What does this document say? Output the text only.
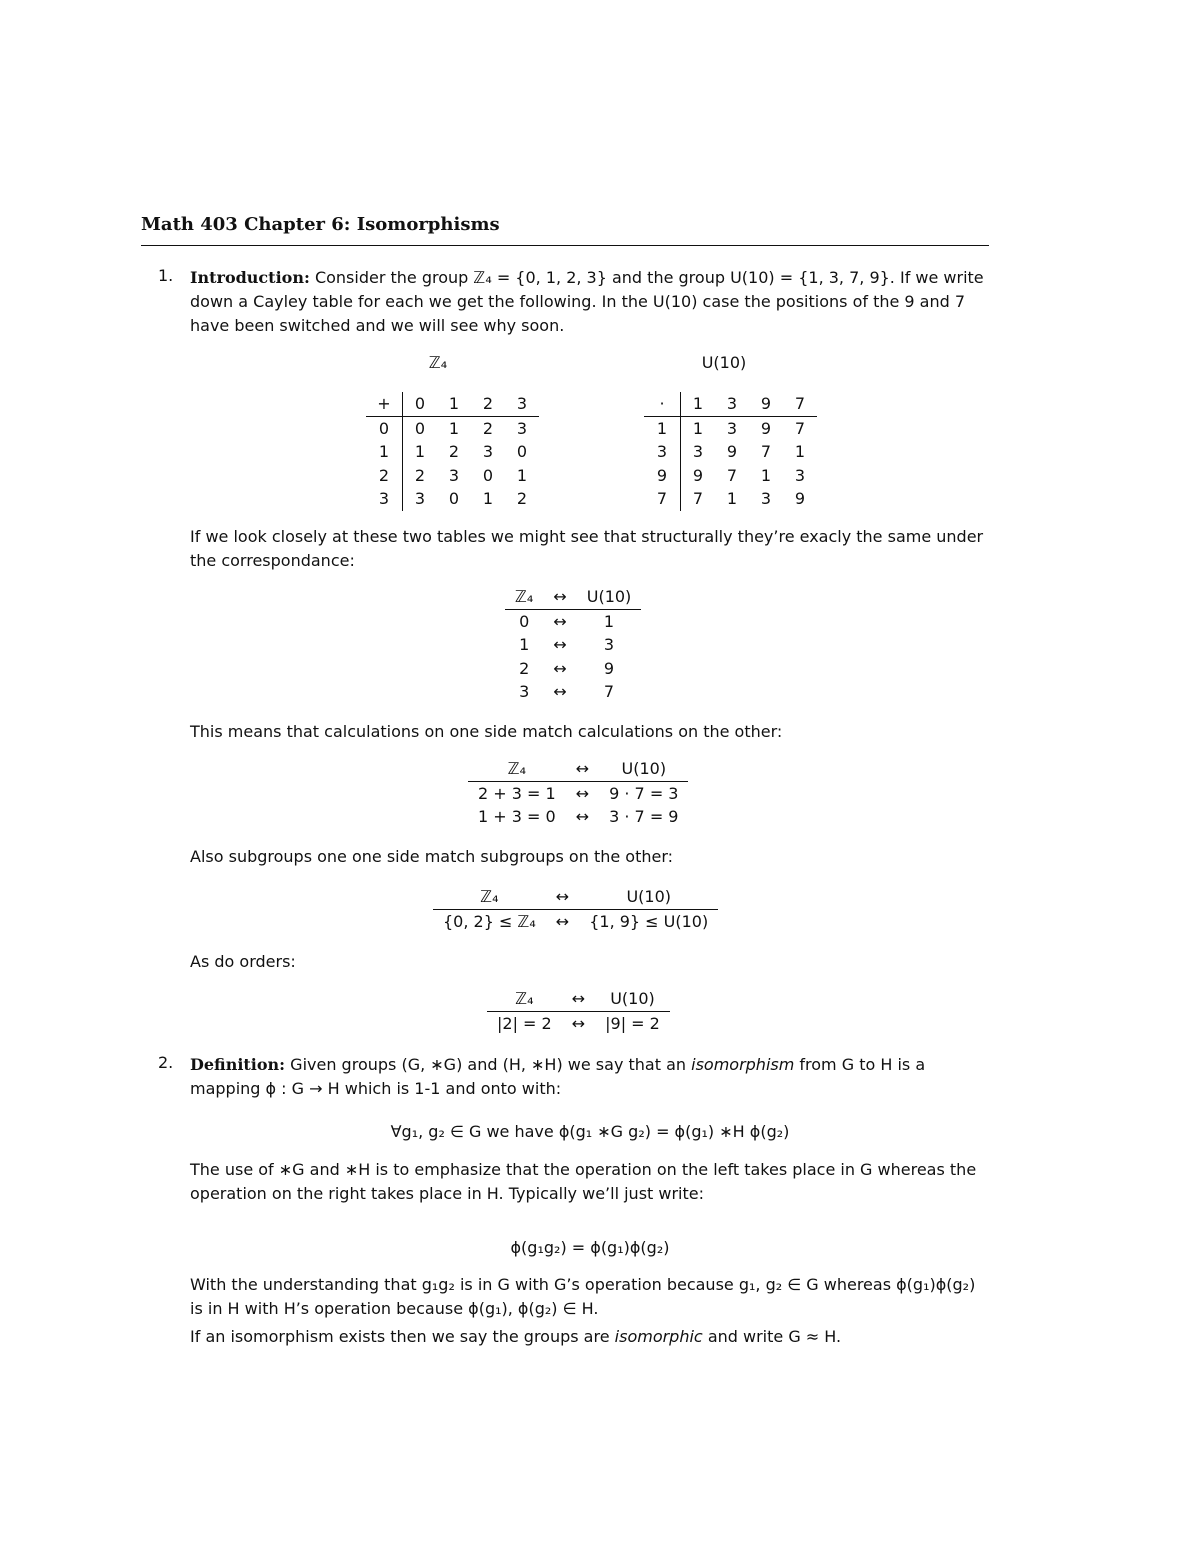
Math 403 Chapter 6: Isomorphisms
1. Introduction: Consider the group ℤ₄ = {0, 1, 2, 3} and the group U(10) = {1, 3, 7, 9}. If we write down a Cayley table for each we get the following. In the U(10) case the positions of the 9 and 7 have been switched and we will see why soon.
ℤ₄	U(10)
+	0	1	2	3
0	0	1	2	3
1	1	2	3	0
2	2	3	0	1
3	3	0	1	2
·	1	3	9	7
1	1	3	9	7
3	3	9	7	1
9	9	7	1	3
7	7	1	3	9
If we look closely at these two tables we might see that structurally they’re exacly the same under the correspondance:
ℤ₄	↔	U(10)
0	↔	1
1	↔	3
2	↔	9
3	↔	7
This means that calculations on one side match calculations on the other:
ℤ₄	↔	U(10)
2 + 3 = 1	↔	9 · 7 = 3
1 + 3 = 0	↔	3 · 7 = 9
Also subgroups one one side match subgroups on the other:
ℤ₄	↔	U(10)
{0, 2} ≤ ℤ₄	↔	{1, 9} ≤ U(10)
As do orders:
ℤ₄	↔	U(10)
|2| = 2	↔	|9| = 2
2. Definition: Given groups (G, ∗G) and (H, ∗H) we say that an isomorphism from G to H is a mapping ϕ : G → H which is 1-1 and onto with:
∀g₁, g₂ ∈ G we have ϕ(g₁ ∗G g₂) = ϕ(g₁) ∗H ϕ(g₂)
The use of ∗G and ∗H is to emphasize that the operation on the left takes place in G whereas the operation on the right takes place in H. Typically we’ll just write:
ϕ(g₁g₂) = ϕ(g₁)ϕ(g₂)
With the understanding that g₁g₂ is in G with G’s operation because g₁, g₂ ∈ G whereas ϕ(g₁)ϕ(g₂) is in H with H’s operation because ϕ(g₁), ϕ(g₂) ∈ H.
If an isomorphism exists then we say the groups are isomorphic and write G ≈ H.
